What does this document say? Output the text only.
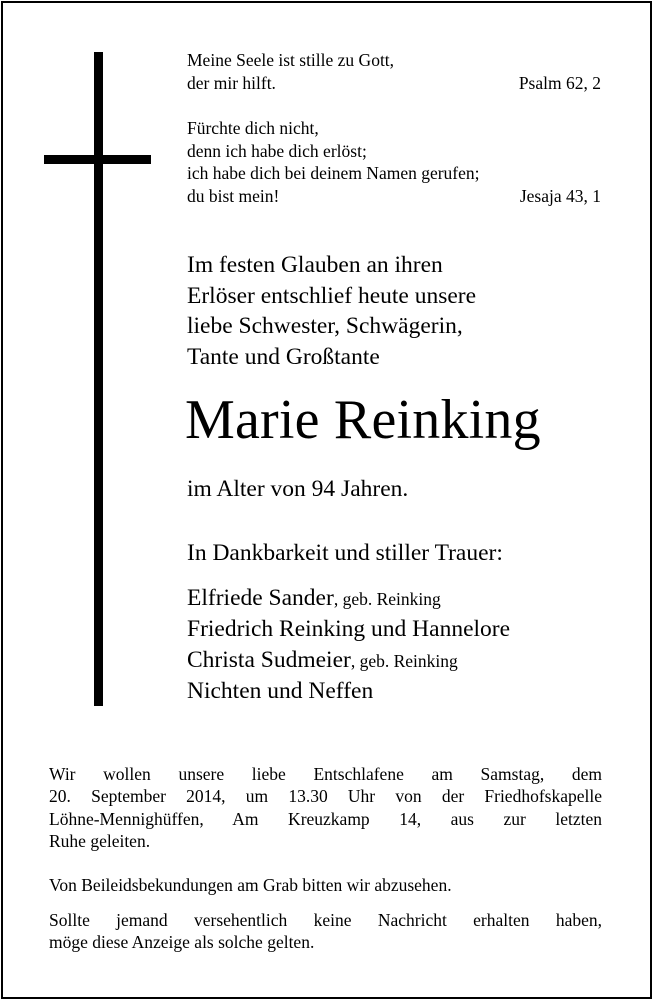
Meine Seele ist stille zu Gott,
der mir hilft.	Psalm 62, 2
Fürchte dich nicht,
denn ich habe dich erlöst;
ich habe dich bei deinem Namen gerufen;
du bist mein!	Jesaja 43, 1
Im festen Glauben an ihren
Erlöser entschlief heute unsere
liebe Schwester, Schwägerin,
Tante und Großtante
Marie Reinking
im Alter von 94 Jahren.
In Dankbarkeit und stiller Trauer:
Elfriede Sander, geb. Reinking
Friedrich Reinking und Hannelore
Christa Sudmeier, geb. Reinking
Nichten und Neffen
Wir wollen unsere liebe Entschlafene am Samstag, dem
20. September 2014, um 13.30 Uhr von der Friedhofskapelle
Löhne-Mennighüffen, Am Kreuzkamp 14, aus zur letzten
Ruhe geleiten.
Von Beileidsbekundungen am Grab bitten wir abzusehen.
Sollte jemand versehentlich keine Nachricht erhalten haben,
möge diese Anzeige als solche gelten.
